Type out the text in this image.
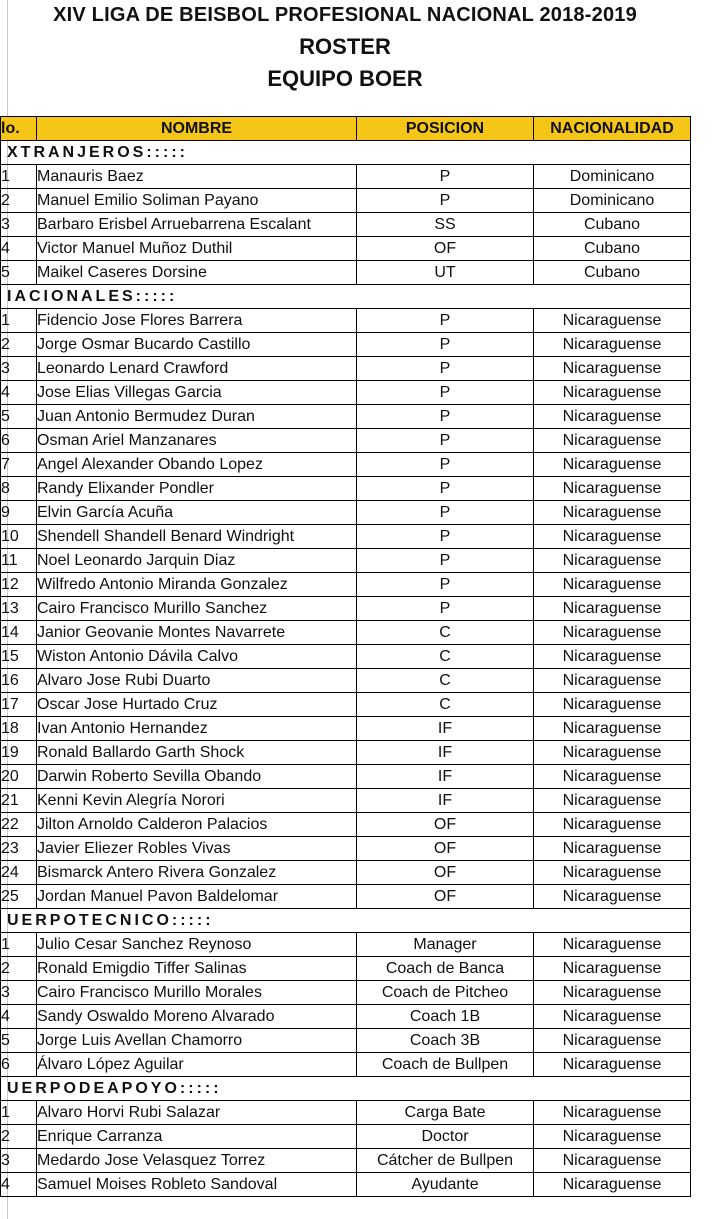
XIV LIGA DE BEISBOL PROFESIONAL NACIONAL 2018-2019
ROSTER
EQUIPO BOER
lo.	NOMBRE	POSICION	NACIONALIDAD
XTRANJEROS:::::			
1	Manauris Baez	P	Dominicano
2	Manuel Emilio Soliman Payano	P	Dominicano
3	Barbaro Erisbel Arruebarrena Escalant	SS	Cubano
4	Victor Manuel Muñoz Duthil	OF	Cubano
5	Maikel Caseres Dorsine	UT	Cubano
IACIONALES:::::			
1	Fidencio Jose Flores Barrera	P	Nicaraguense
2	Jorge Osmar Bucardo Castillo	P	Nicaraguense
3	Leonardo Lenard Crawford	P	Nicaraguense
4	Jose Elias Villegas Garcia	P	Nicaraguense
5	Juan Antonio Bermudez Duran	P	Nicaraguense
6	Osman Ariel Manzanares	P	Nicaraguense
7	Angel Alexander Obando Lopez	P	Nicaraguense
8	Randy Elixander Pondler	P	Nicaraguense
9	Elvin García Acuña	P	Nicaraguense
10	Shendell Shandell Benard Windright	P	Nicaraguense
11	Noel Leonardo Jarquin Diaz	P	Nicaraguense
12	Wilfredo Antonio Miranda Gonzalez	P	Nicaraguense
13	Cairo Francisco Murillo Sanchez	P	Nicaraguense
14	Janior Geovanie Montes Navarrete	C	Nicaraguense
15	Wiston Antonio Dávila Calvo	C	Nicaraguense
16	Alvaro Jose Rubi Duarto	C	Nicaraguense
17	Oscar Jose Hurtado Cruz	C	Nicaraguense
18	Ivan Antonio Hernandez	IF	Nicaraguense
19	Ronald Ballardo Garth Shock	IF	Nicaraguense
20	Darwin Roberto Sevilla Obando	IF	Nicaraguense
21	Kenni Kevin Alegría Norori	IF	Nicaraguense
22	Jilton Arnoldo Calderon Palacios	OF	Nicaraguense
23	Javier Eliezer Robles Vivas	OF	Nicaraguense
24	Bismarck Antero Rivera Gonzalez	OF	Nicaraguense
25	Jordan Manuel Pavon Baldelomar	OF	Nicaraguense
UERPOTECNICO:::::			
1	Julio Cesar Sanchez Reynoso	Manager	Nicaraguense
2	Ronald Emigdio Tiffer Salinas	Coach de Banca	Nicaraguense
3	Cairo Francisco Murillo Morales	Coach de Pitcheo	Nicaraguense
4	Sandy Oswaldo Moreno Alvarado	Coach 1B	Nicaraguense
5	Jorge Luis Avellan Chamorro	Coach 3B	Nicaraguense
6	Álvaro López Aguilar	Coach de Bullpen	Nicaraguense
UERPODEAPOYO:::::			
1	Alvaro Horvi Rubi Salazar	Carga Bate	Nicaraguense
2	Enrique Carranza	Doctor	Nicaraguense
3	Medardo Jose Velasquez Torrez	Cátcher de Bullpen	Nicaraguense
4	Samuel Moises Robleto Sandoval	Ayudante	Nicaraguense
